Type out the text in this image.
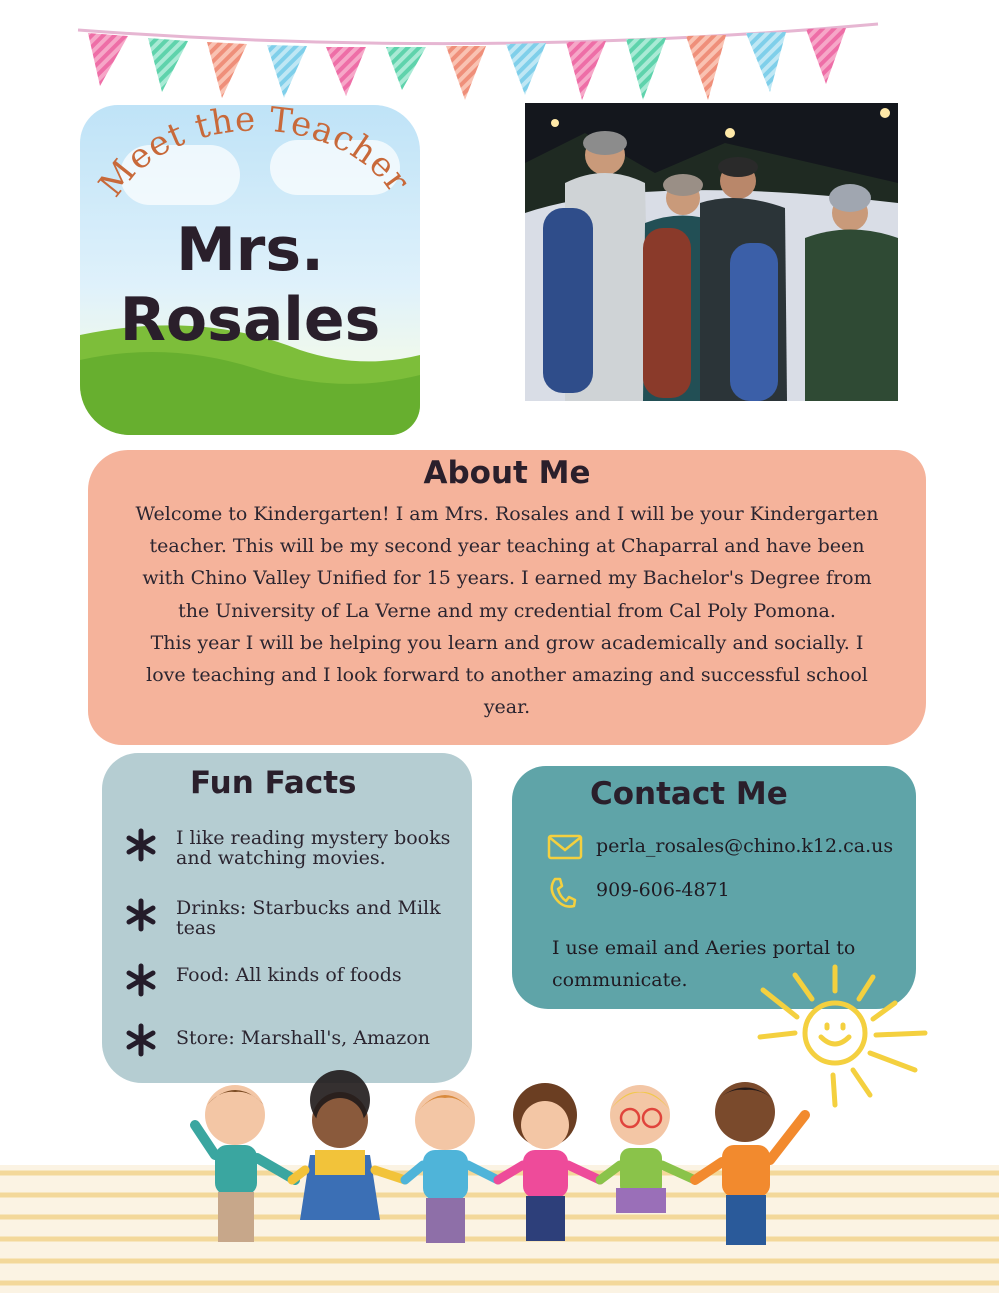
Meet the Teacher
Mrs.
Rosales
About Me
Welcome to Kindergarten! I am Mrs. Rosales and I will be your Kindergarten
teacher. This will be my second year teaching at Chaparral and have been
with Chino Valley Unified for 15 years. I earned my Bachelor's Degree from
the University of La Verne and my credential from Cal Poly Pomona.
This year I will be helping you learn and grow academically and socially. I
love teaching and I look forward to another amazing and successful school
year.
Fun Facts
I like reading mystery books and watching movies.
Drinks: Starbucks and Milk teas
Food: All kinds of foods
Store: Marshall's, Amazon
Contact Me
perla_rosales@chino.k12.ca.us
909-606-4871
I use email and Aeries portal to communicate.
